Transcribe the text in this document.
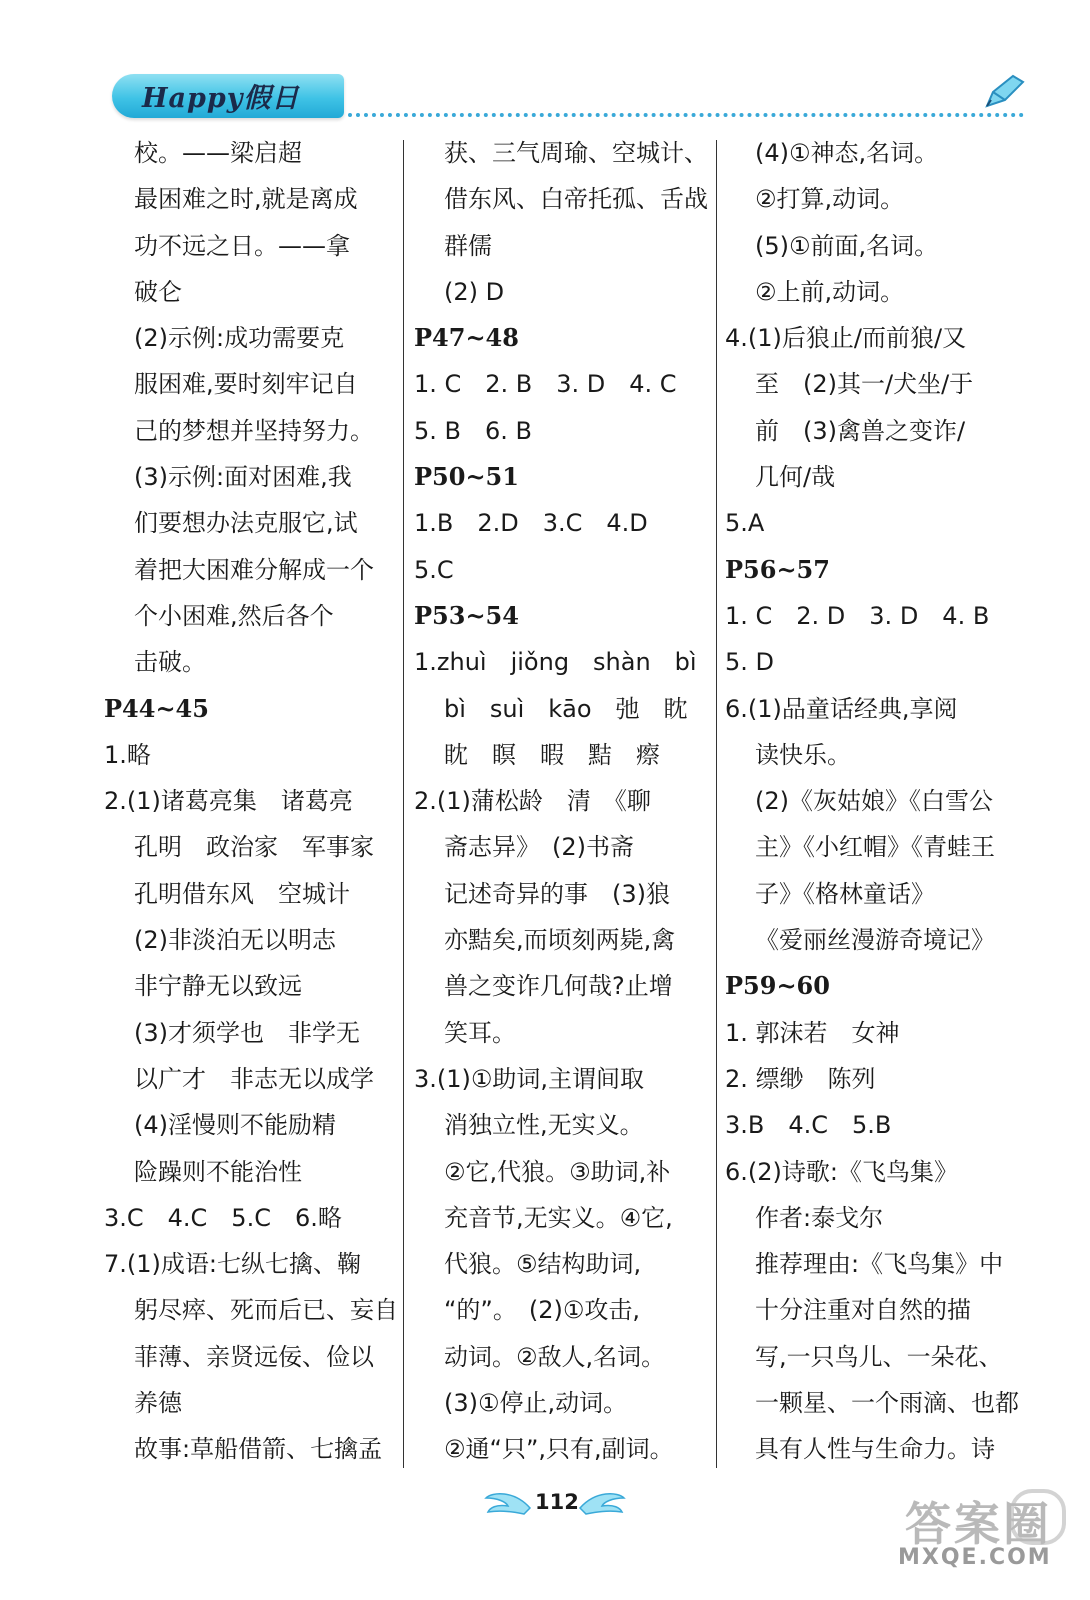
Happy假日
校。——梁启超
最困难之时,就是离成
功不远之日。——拿
破仑
(2)示例:成功需要克
服困难,要时刻牢记自
己的梦想并坚持努力。
(3)示例:面对困难,我
们要想办法克服它,试
着把大困难分解成一个
个小困难,然后各个
击破。
P44~45
1.略
2.(1)诸葛亮集　诸葛亮
孔明　政治家　军事家
孔明借东风　空城计
(2)非淡泊无以明志
非宁静无以致远
(3)才须学也　非学无
以广才　非志无以成学
(4)淫慢则不能励精
险躁则不能治性
3.C　4.C　5.C　6.略
7.(1)成语:七纵七擒、鞠
躬尽瘁、死而后已、妄自
菲薄、亲贤远佞、俭以
养德
故事:草船借箭、七擒孟
获、三气周瑜、空城计、
借东风、白帝托孤、舌战
群儒
(2) D
P47~48
1. C　2. B　3. D　4. C
5. B　6. B
P50~51
1.B　2.D　3.C　4.D
5.C
P53~54
1.zhuì　jiǒng　shàn　bì
bì　suì　kāo　弛　眈
眈　瞑　暇　黠　瘵
2.(1)蒲松龄　清　《聊
斋志异》　(2)书斋
记述奇异的事　(3)狼
亦黠矣,而顷刻两毙,禽
兽之变诈几何哉?止增
笑耳。
3.(1)①助词,主谓间取
消独立性,无实义。
②它,代狼。③助词,补
充音节,无实义。④它,
代狼。⑤结构助词,
“的”。　(2)①攻击,
动词。②敌人,名词。
(3)①停止,动词。
②通“只”,只有,副词。
(4)①神态,名词。
②打算,动词。
(5)①前面,名词。
②上前,动词。
4.(1)后狼止/而前狼/又
至　(2)其一/犬坐/于
前　(3)禽兽之变诈/
几何/哉
5.A
P56~57
1. C　2. D　3. D　4. B
5. D
6.(1)品童话经典,享阅
读快乐。
(2)《灰姑娘》《白雪公
主》《小红帽》《青蛙王
子》《格林童话》
《爱丽丝漫游奇境记》
P59~60
1. 郭沫若　女神
2. 缥缈　陈列
3.B　4.C　5.B
6.(2)诗歌:《飞鸟集》
作者:泰戈尔
推荐理由:《飞鸟集》中
十分注重对自然的描
写,一只鸟儿、一朵花、
一颗星、一个雨滴、也都
具有人性与生命力。诗
112	答案圈
MXQE.COM
